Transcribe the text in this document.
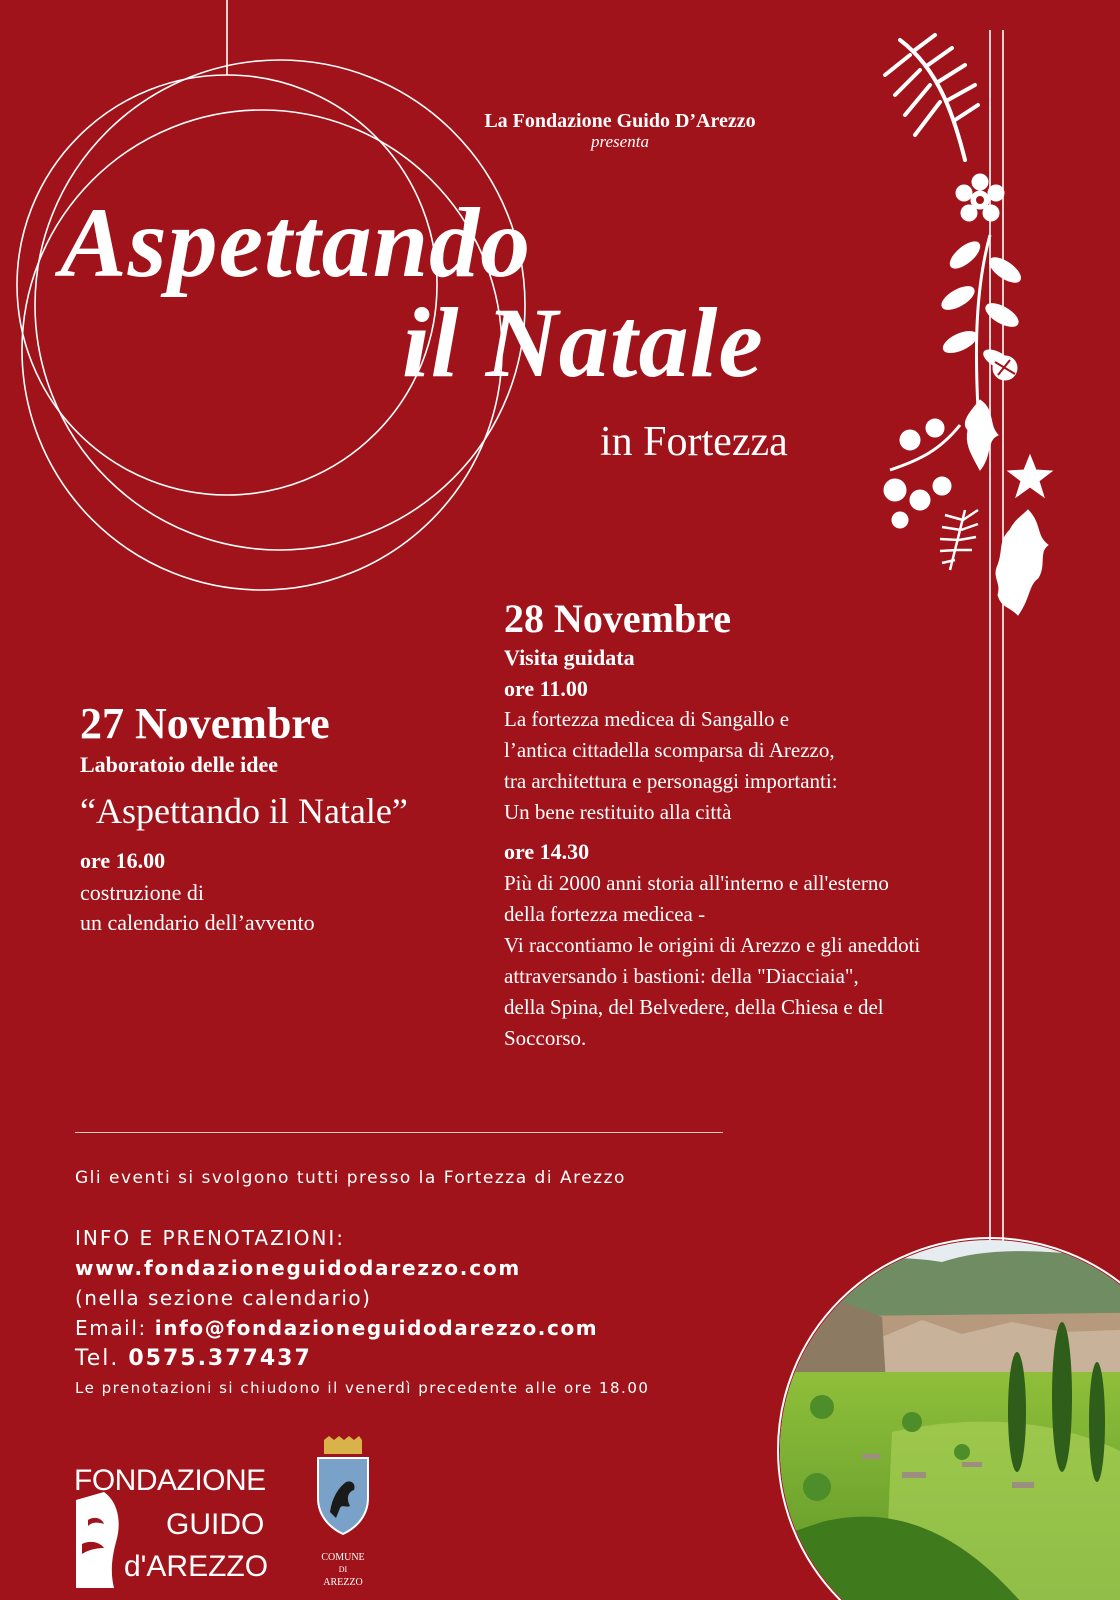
La Fondazione Guido D’Arezzo
presenta
Aspettando
il Natale
in Fortezza
27 Novembre
Laboratoio delle idee
“Aspettando il Natale”
ore 16.00
costruzione di
un calendario dell’avvento
28 Novembre
Visita guidata
ore 11.00
La fortezza medicea di Sangallo e
l’antica cittadella scomparsa di Arezzo,
tra architettura e personaggi importanti:
Un bene restituito alla città
ore 14.30
Più di 2000 anni storia all'interno e all'esterno
della fortezza medicea -
Vi raccontiamo le origini di Arezzo e gli aneddoti
attraversando i bastioni: della "Diacciaia",
della Spina, del Belvedere, della Chiesa e del
Soccorso.
Gli eventi si svolgono tutti presso la Fortezza di Arezzo
INFO E PRENOTAZIONI:
www.fondazioneguidodarezzo.com
(nella sezione calendario)
Email: info@fondazioneguidodarezzo.com
Tel. 0575.377437
Le prenotazioni si chiudono il venerdì precedente alle ore 18.00
FONDAZIONE
GUIDO
d'AREZZO	COMUNE
DI
AREZZO
